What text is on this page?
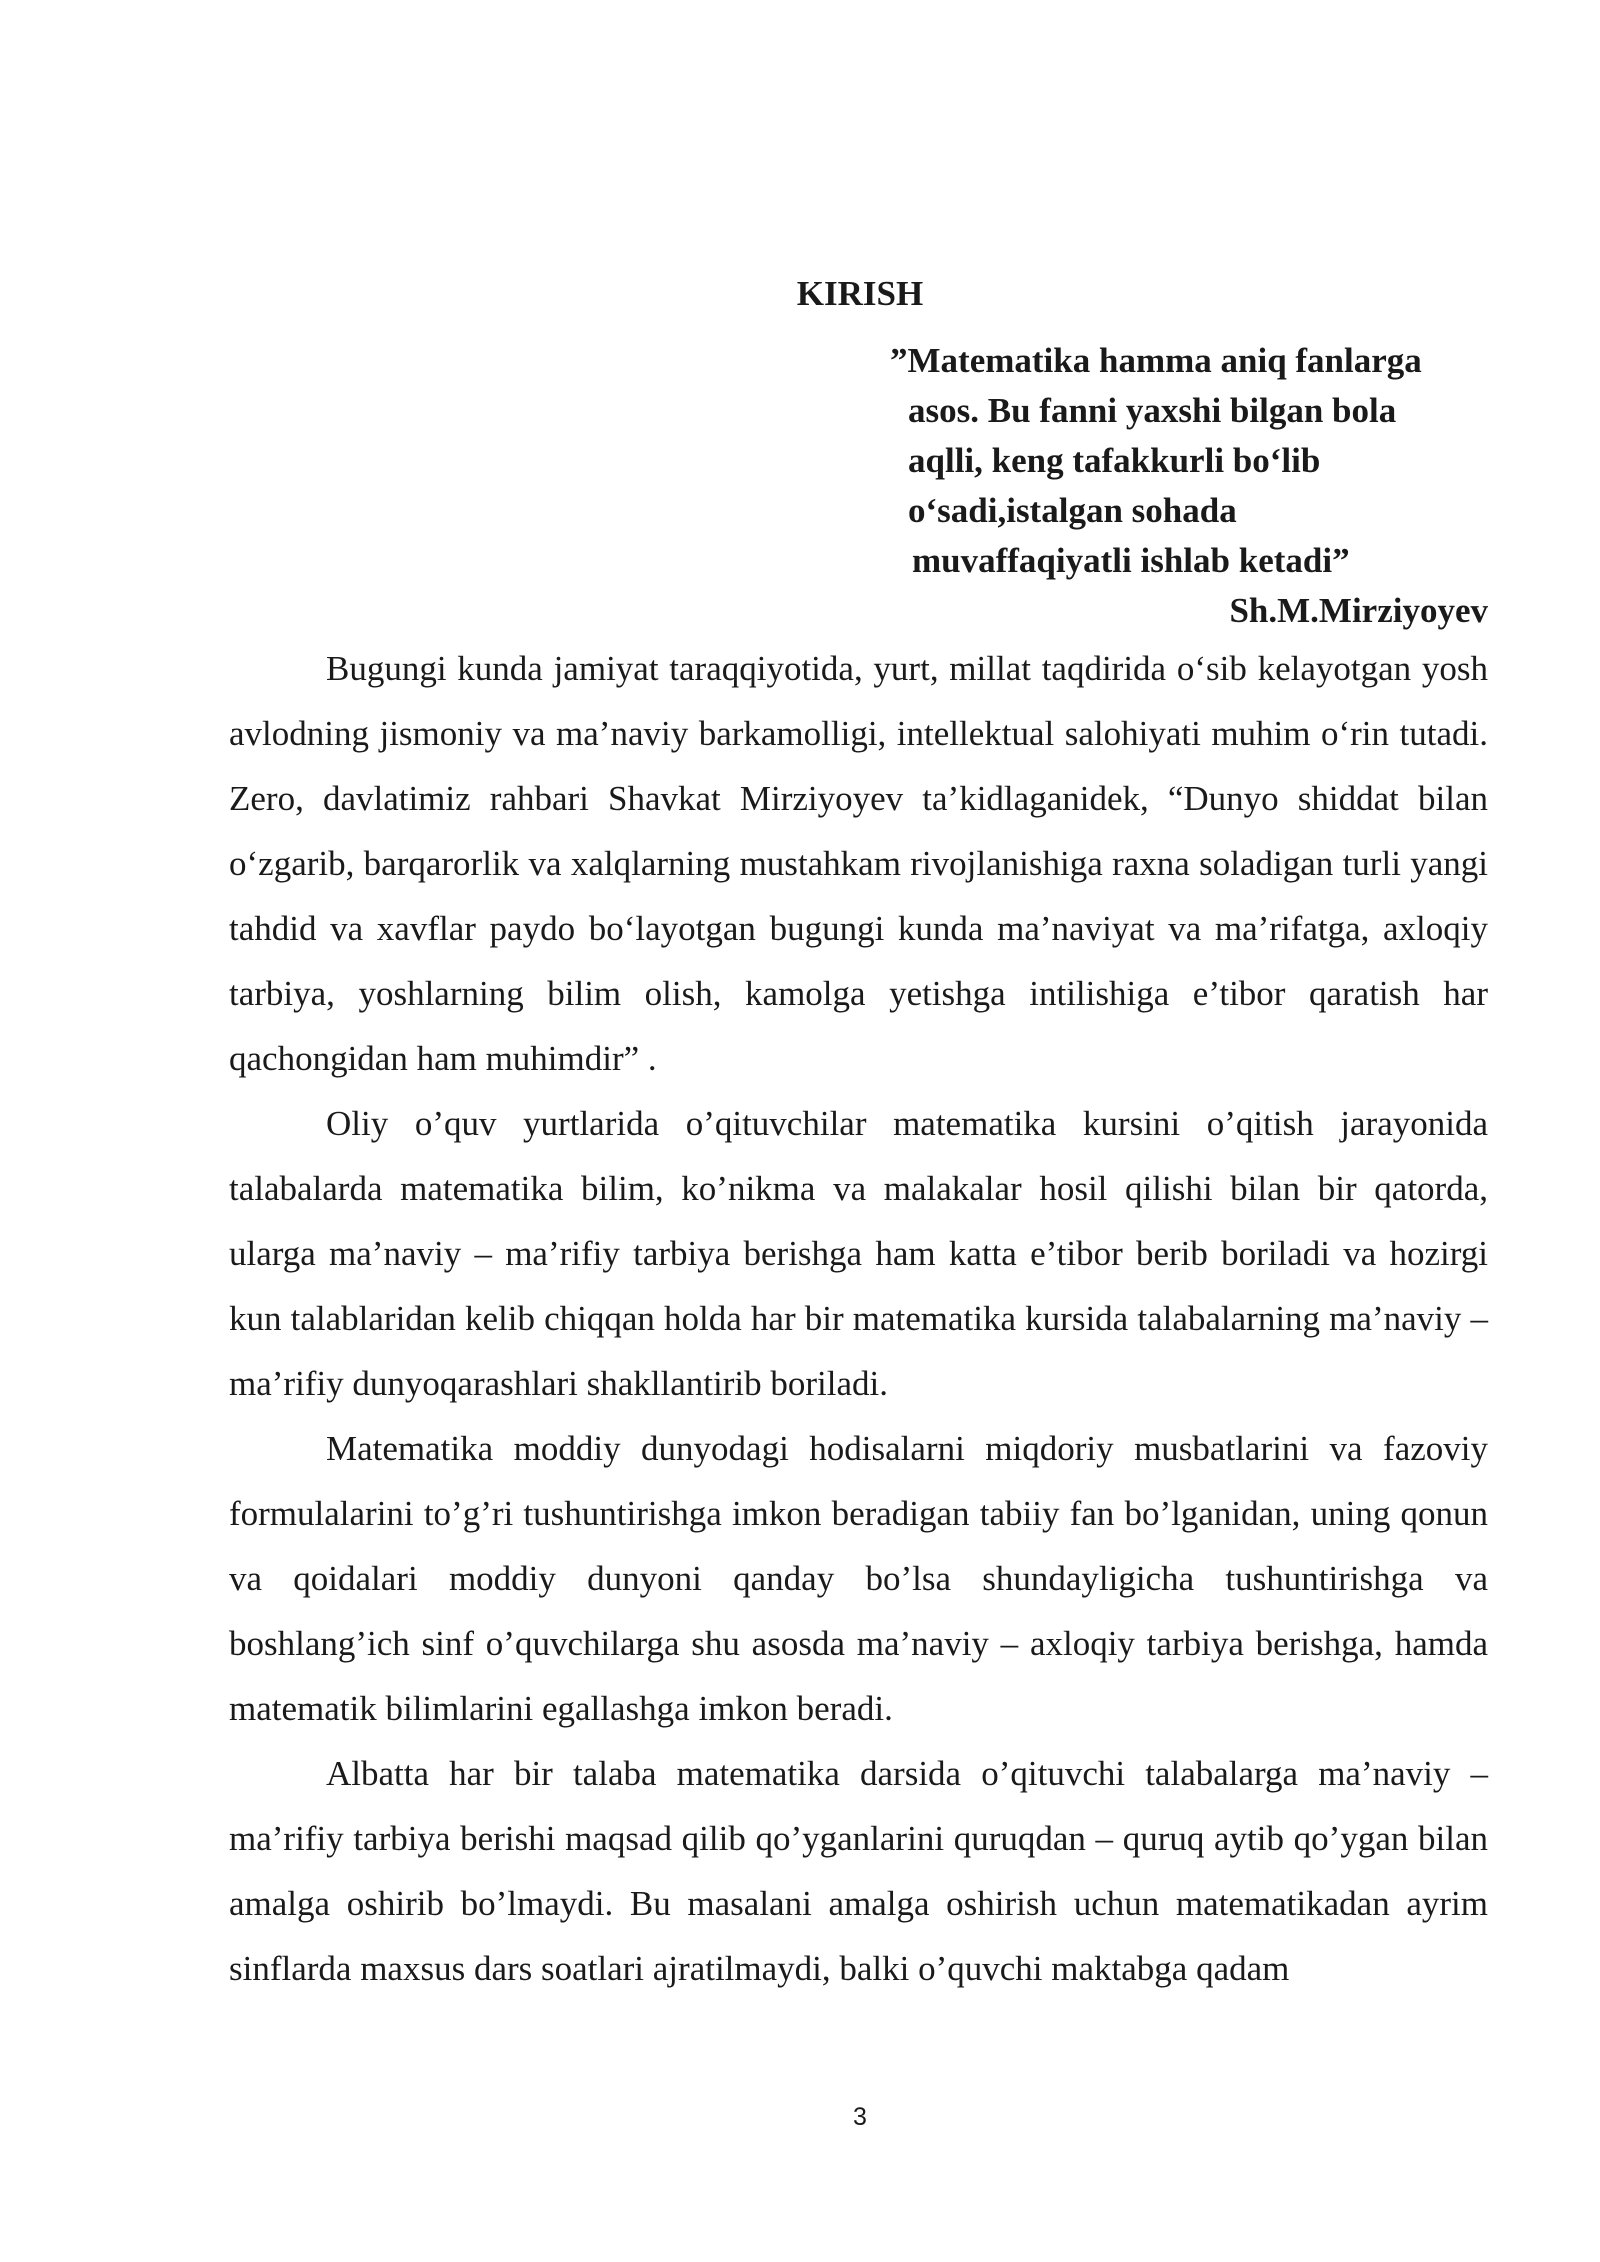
KIRISH
”Matematika hamma aniq fanlarga
asos. Bu fanni yaxshi bilgan bola
aqlli, keng tafakkurli bo‘lib
o‘sadi,istalgan sohada
muvaffaqiyatli ishlab ketadi”
Sh.M.Mirziyoyev

Bugungi kunda jamiyat taraqqiyotida, yurt, millat taqdirida o‘sib kelayotgan yosh avlodning jismoniy va ma’naviy barkamolligi, intellektual salohiyati muhim o‘rin tutadi. Zero, davlatimiz rahbari Shavkat Mirziyoyev ta’kidlaganidek, “Dunyo shiddat bilan o‘zgarib, barqarorlik va xalqlarning mustahkam rivojlanishiga raxna soladigan turli yangi tahdid va xavflar paydo bo‘layotgan bugungi kunda ma’naviyat va ma’rifatga, axloqiy tarbiya, yoshlarning bilim olish, kamolga yetishga intilishiga e’tibor qaratish har qachongidan ham muhimdir” .

Oliy o’quv yurtlarida o’qituvchilar matematika kursini o’qitish jarayonida talabalarda matematika bilim, ko’nikma va malakalar hosil qilishi bilan bir qatorda, ularga ma’naviy – ma’rifiy tarbiya berishga ham katta e’tibor berib boriladi va hozirgi kun talablaridan kelib chiqqan holda har bir matematika kursida talabalarning ma’naviy – ma’rifiy dunyoqarashlari shakllantirib boriladi.

Matematika moddiy dunyodagi hodisalarni miqdoriy musbatlarini va fazoviy formulalarini to’g’ri tushuntirishga imkon beradigan tabiiy fan bo’lganidan, uning qonun va qoidalari moddiy dunyoni qanday bo’lsa shundayligicha tushuntirishga va boshlang’ich sinf o’quvchilarga shu asosda ma’naviy – axloqiy tarbiya berishga, hamda matematik bilimlarini egallashga imkon beradi.

Albatta har bir talaba matematika darsida o’qituvchi talabalarga ma’naviy – ma’rifiy tarbiya berishi maqsad qilib qo’yganlarini quruqdan – quruq aytib qo’ygan bilan amalga oshirib bo’lmaydi. Bu masalani amalga oshirish uchun matematikadan ayrim sinflarda maxsus dars soatlari ajratilmaydi, balki o’quvchi maktabga qadam

3
